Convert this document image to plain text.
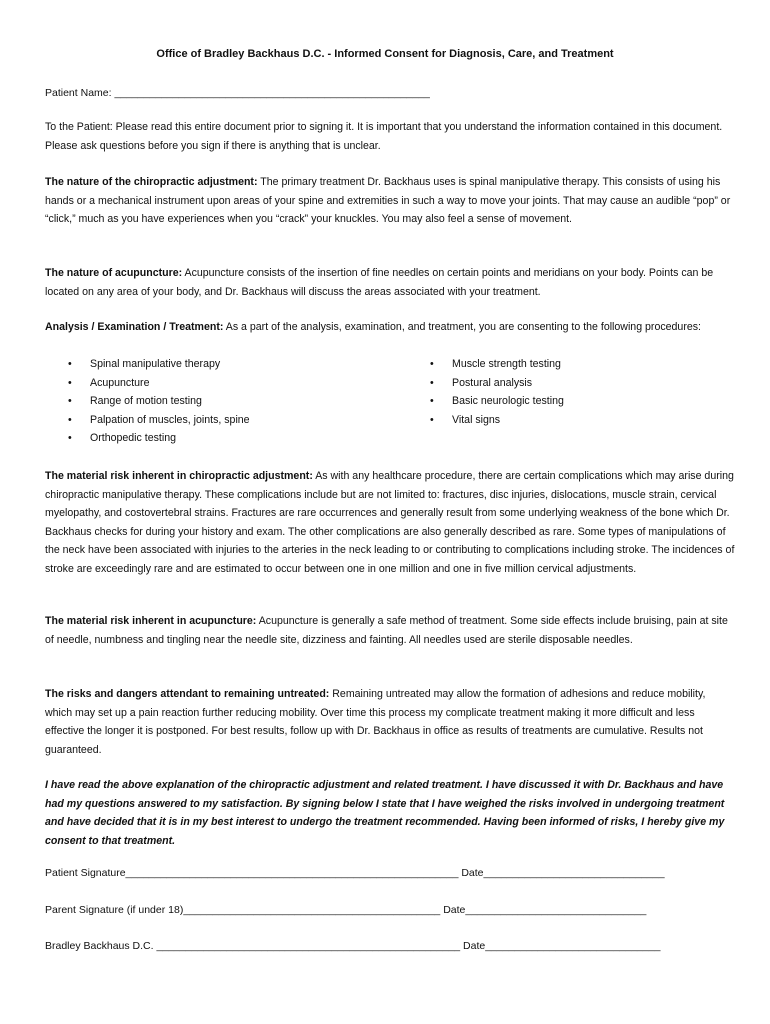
Office of Bradley Backhaus D.C. - Informed Consent for Diagnosis, Care, and Treatment
Patient Name: ______________________________________________________
To the Patient: Please read this entire document prior to signing it. It is important that you understand the information contained in this document. Please ask questions before you sign if there is anything that is unclear.
The nature of the chiropractic adjustment: The primary treatment Dr. Backhaus uses is spinal manipulative therapy. This consists of using his hands or a mechanical instrument upon areas of your spine and extremities in such a way to move your joints. That may cause an audible “pop” or “click,” much as you have experiences when you “crack” your knuckles. You may also feel a sense of movement.
The nature of acupuncture: Acupuncture consists of the insertion of fine needles on certain points and meridians on your body. Points can be located on any area of your body, and Dr. Backhaus will discuss the areas associated with your treatment.
Analysis / Examination / Treatment: As a part of the analysis, examination, and treatment, you are consenting to the following procedures:
• Spinal manipulative therapy
• Acupuncture
• Range of motion testing
• Palpation of muscles, joints, spine
• Orthopedic testing
• Muscle strength testing
• Postural analysis
• Basic neurologic testing
• Vital signs
The material risk inherent in chiropractic adjustment: As with any healthcare procedure, there are certain complications which may arise during chiropractic manipulative therapy. These complications include but are not limited to: fractures, disc injuries, dislocations, muscle strain, cervical myelopathy, and costovertebral strains. Fractures are rare occurrences and generally result from some underlying weakness of the bone which Dr. Backhaus checks for during your history and exam. The other complications are also generally described as rare. Some types of manipulations of the neck have been associated with injuries to the arteries in the neck leading to or contributing to complications including stroke. The incidences of stroke are exceedingly rare and are estimated to occur between one in one million and one in five million cervical adjustments.
The material risk inherent in acupuncture: Acupuncture is generally a safe method of treatment. Some side effects include bruising, pain at site of needle, numbness and tingling near the needle site, dizziness and fainting. All needles used are sterile disposable needles.
The risks and dangers attendant to remaining untreated: Remaining untreated may allow the formation of adhesions and reduce mobility, which may set up a pain reaction further reducing mobility. Over time this process my complicate treatment making it more difficult and less effective the longer it is postponed. For best results, follow up with Dr. Backhaus in office as results of treatments are cumulative. Results not guaranteed.
I have read the above explanation of the chiropractic adjustment and related treatment. I have discussed it with Dr. Backhaus and have had my questions answered to my satisfaction. By signing below I state that I have weighed the risks involved in undergoing treatment and have decided that it is in my best interest to undergo the treatment recommended. Having been informed of risks, I hereby give my consent to that treatment.
Patient Signature_________________________________________________________ Date_______________________________
Parent Signature (if under 18)____________________________________________ Date_______________________________
Bradley Backhaus D.C. ____________________________________________________ Date______________________________
